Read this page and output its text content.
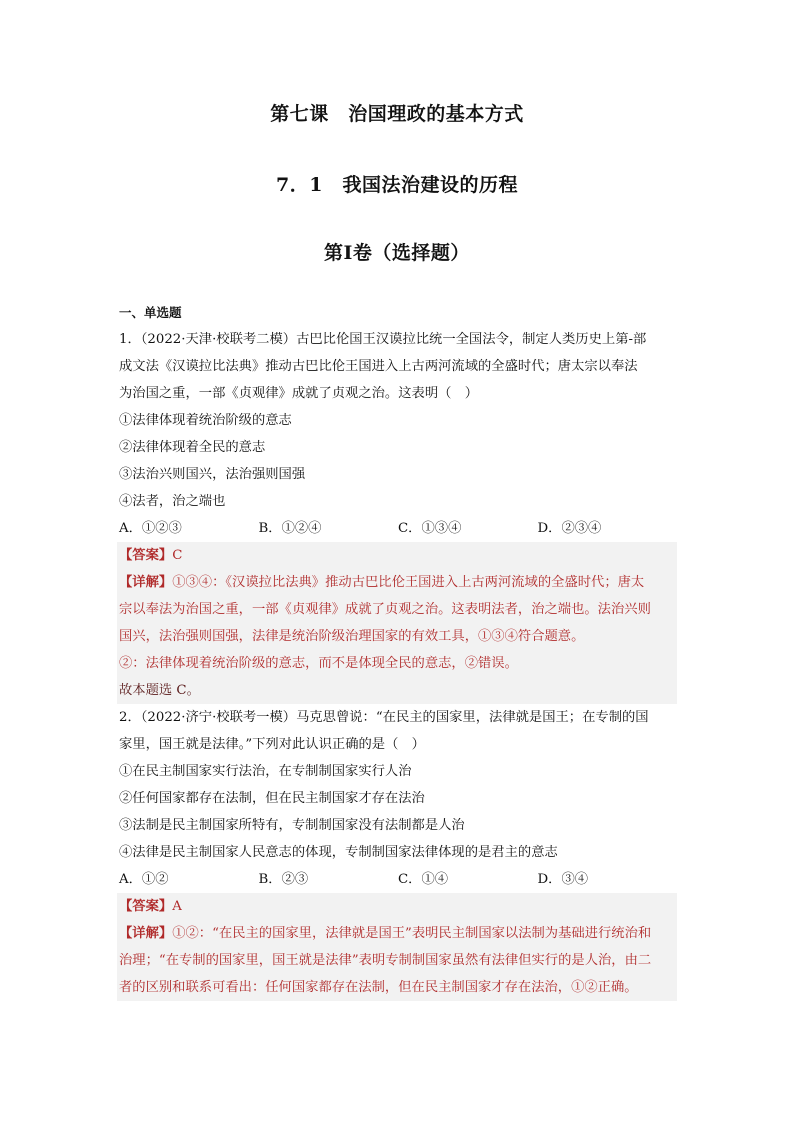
第七课　治国理政的基本方式
7．1　我国法治建设的历程
第Ⅰ卷（选择题）
一、单选题
1．（2022·天津·校联考二模）古巴比伦国王汉谟拉比统一全国法令，制定人类历史上第-部
成文法《汉谟拉比法典》推动古巴比伦王国进入上古两河流域的全盛时代；唐太宗以奉法
为治国之重，一部《贞观律》成就了贞观之治。这表明（　）
①法律体现着统治阶级的意志
②法律体现着全民的意志
③法治兴则国兴，法治强则国强
④法者，治之端也
A．①②③	B．①②④	C．①③④	D．②③④
【答案】C
【详解】①③④：《汉谟拉比法典》推动古巴比伦王国进入上古两河流域的全盛时代；唐太
宗以奉法为治国之重，一部《贞观律》成就了贞观之治。这表明法者，治之端也。法治兴则
国兴，法治强则国强，法律是统治阶级治理国家的有效工具，①③④符合题意。
②：法律体现着统治阶级的意志，而不是体现全民的意志，②错误。
故本题选 C。
2．（2022·济宁·校联考一模）马克思曾说：“在民主的国家里，法律就是国王；在专制的国
家里，国王就是法律。”下列对此认识正确的是（　）
①在民主制国家实行法治，在专制制国家实行人治
②任何国家都存在法制，但在民主制国家才存在法治
③法制是民主制国家所特有，专制制国家没有法制都是人治
④法律是民主制国家人民意志的体现，专制制国家法律体现的是君主的意志
A．①②	B．②③	C．①④	D．③④
【答案】A
【详解】①②：“在民主的国家里，法律就是国王”表明民主制国家以法制为基础进行统治和
治理；“在专制的国家里，国王就是法律”表明专制制国家虽然有法律但实行的是人治，由二
者的区别和联系可看出：任何国家都存在法制，但在民主制国家才存在法治，①②正确。
